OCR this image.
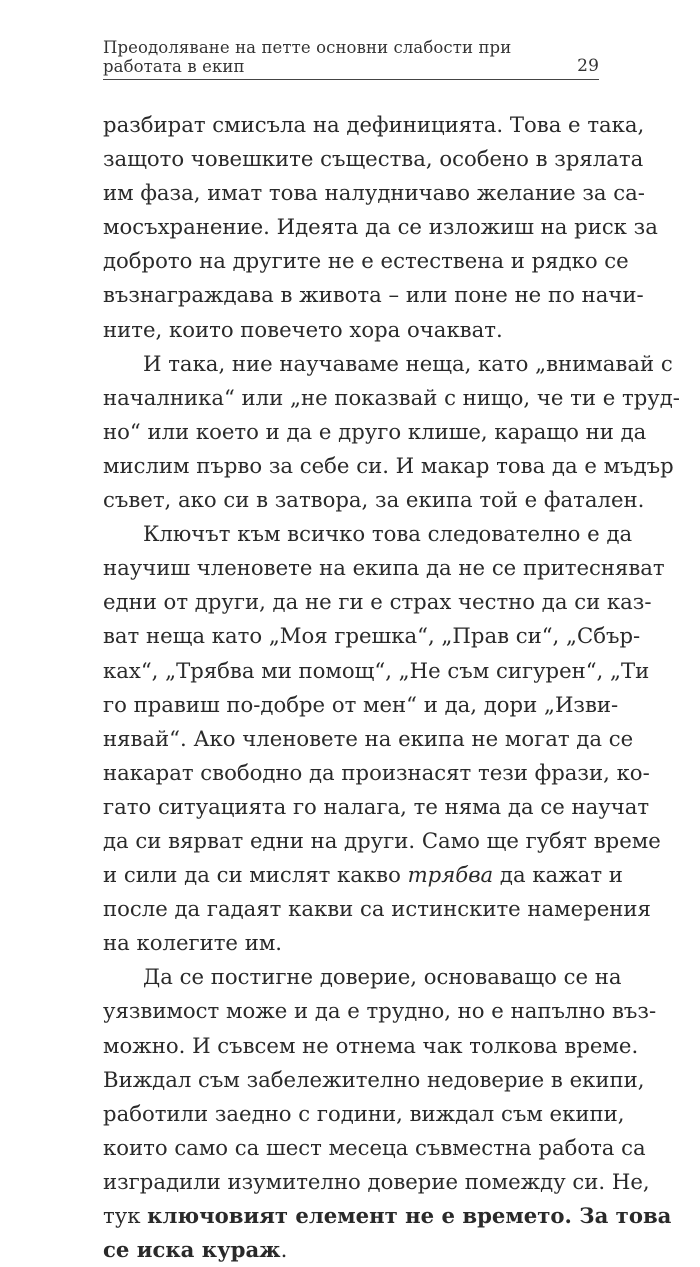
Преодоляване на петте основни слабости при работата в екип	29

разбират смисъла на дефиницията. Това е така,
защото човешките същества, особено в зрялата
им фаза, имат това налудничаво желание за са-
мосъхранение. Идеята да се изложиш на риск за
доброто на другите не е естествена и рядко се
възнаграждава в живота – или поне не по начи-
ните, които повечето хора очакват.

И така, ние научаваме неща, като „внимавай с
началника“ или „не показвай с нищо, че ти е труд-
но“ или което и да е друго клише, каращо ни да
мислим първо за себе си. И макар това да е мъдър
съвет, ако си в затвора, за екипа той е фатален.

Ключът към всичко това следователно е да
научиш членовете на екипа да не се притесняват
едни от други, да не ги е страх честно да си каз-
ват неща като „Моя грешка“, „Прав си“, „Сбър-
ках“, „Трябва ми помощ“, „Не съм сигурен“, „Ти
го правиш по-добре от мен“ и да, дори „Изви-
нявай“. Ако членовете на екипа не могат да се
накарат свободно да произнасят тези фрази, ко-
гато ситуацията го налага, те няма да се научат
да си вярват едни на други. Само ще губят време
и сили да си мислят какво трябва да кажат и
после да гадаят какви са истинските намерения
на колегите им.

Да се постигне доверие, основаващо се на
уязвимост може и да е трудно, но е напълно въз-
можно. И съвсем не отнема чак толкова време.
Виждал съм забележително недоверие в екипи,
работили заедно с години, виждал съм екипи,
които само са шест месеца съвместна работа са
изградили изумително доверие помежду си. Не,
тук ключовият елемент не е времето. За това
се иска кураж.
